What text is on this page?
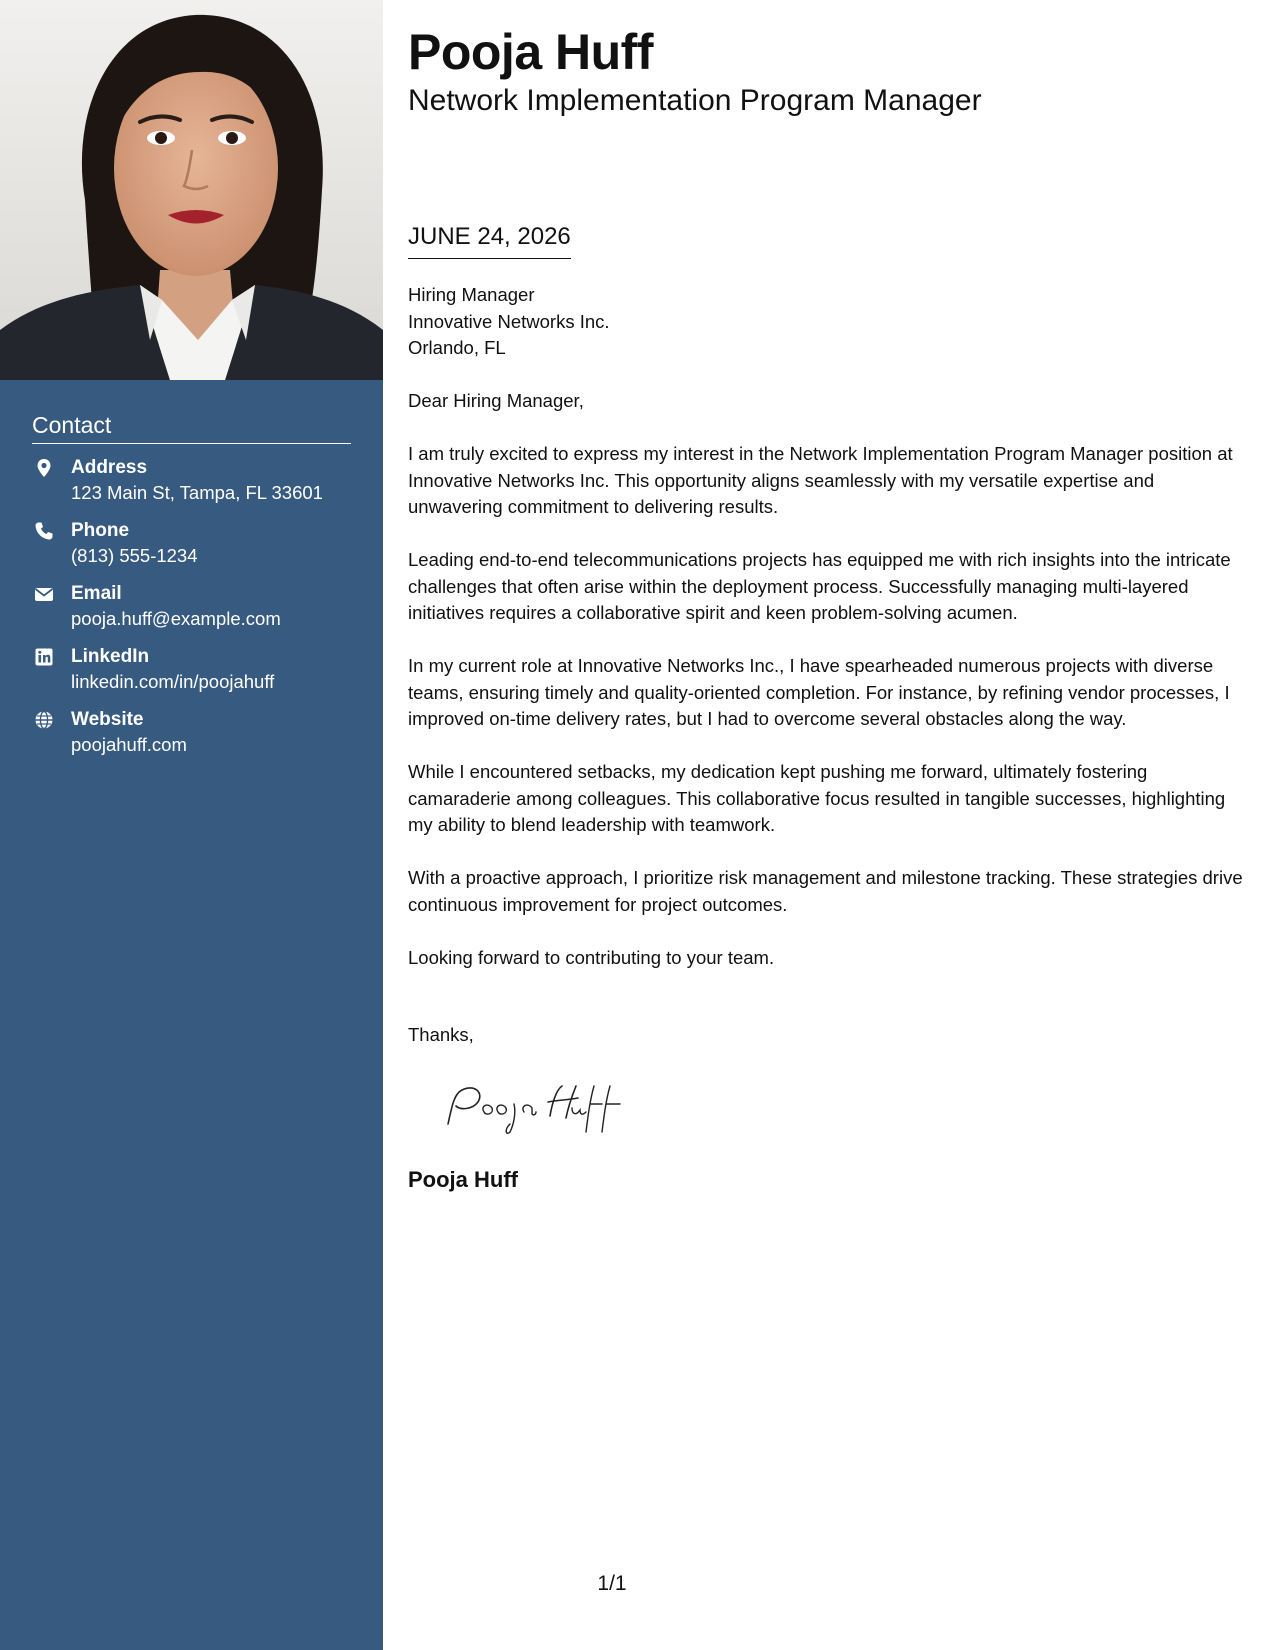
Contact
Address
123 Main St, Tampa, FL 33601
Phone
(813) 555-1234
Email
pooja.huff@example.com
LinkedIn
linkedin.com/in/poojahuff
Website
poojahuff.com
Pooja Huff
Network Implementation Program Manager
JUNE 24, 2026
Hiring Manager
Innovative Networks Inc.
Orlando, FL
Dear Hiring Manager,

I am truly excited to express my interest in the Network Implementation Program Manager position at Innovative Networks Inc. This opportunity aligns seamlessly with my versatile expertise and unwavering commitment to delivering results.

Leading end-to-end telecommunications projects has equipped me with rich insights into the intricate challenges that often arise within the deployment process. Successfully managing multi-layered initiatives requires a collaborative spirit and keen problem-solving acumen.

In my current role at Innovative Networks Inc., I have spearheaded numerous projects with diverse teams, ensuring timely and quality-oriented completion. For instance, by refining vendor processes, I improved on-time delivery rates, but I had to overcome several obstacles along the way.

While I encountered setbacks, my dedication kept pushing me forward, ultimately fostering camaraderie among colleagues. This collaborative focus resulted in tangible successes, highlighting my ability to blend leadership with teamwork.

With a proactive approach, I prioritize risk management and milestone tracking. These strategies drive continuous improvement for project outcomes.

Looking forward to contributing to your team.

Thanks,
Pooja Huff
1/1
